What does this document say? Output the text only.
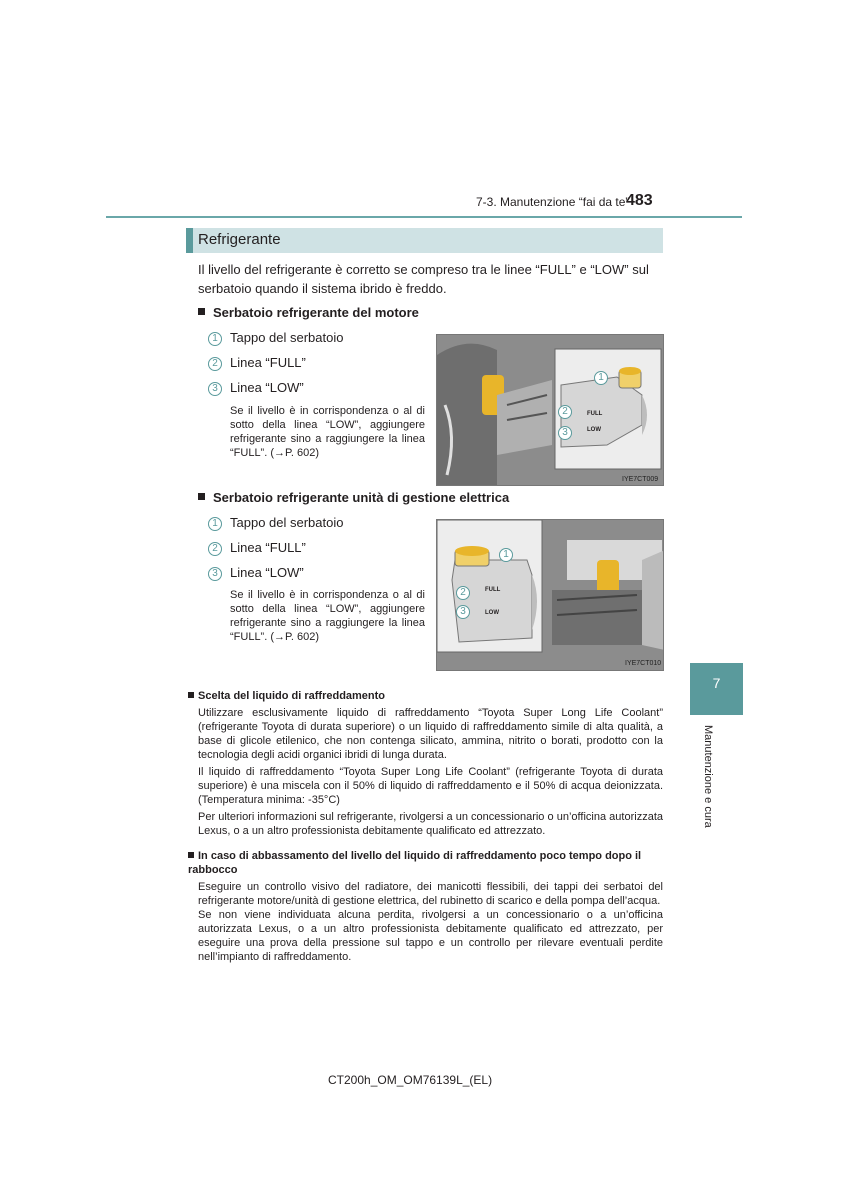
7-3. Manutenzione “fai da te”
483
Refrigerante
Il livello del refrigerante è corretto se compreso tra le linee “FULL” e “LOW” sul serbatoio quando il sistema ibrido è freddo.
Serbatoio refrigerante del motore
1 Tappo del serbatoio
2 Linea “FULL”
3 Linea “LOW”
Se il livello è in corrispondenza o al di sotto della linea “LOW”, aggiungere refrigerante sino a raggiungere la linea “FULL”. (→P. 602)
FULL
LOW
1
2
3
IYE7CT009
Serbatoio refrigerante unità di gestione elettrica
1 Tappo del serbatoio
2 Linea “FULL”
3 Linea “LOW”
Se il livello è in corrispondenza o al di sotto della linea “LOW”, aggiungere refrigerante sino a raggiungere la linea “FULL”. (→P. 602)
FULL
LOW
1
2
3
IYE7CT010
7
Manutenzione e cura
Scelta del liquido di raffreddamento

Utilizzare esclusivamente liquido di raffreddamento “Toyota Super Long Life Coolant” (refrigerante Toyota di durata superiore) o un liquido di raffreddamento simile di alta qualità, a base di glicole etilenico, che non contenga silicato, ammina, nitrito o borati, prodotto con la tecnologia degli acidi organici ibridi di lunga durata.

Il liquido di raffreddamento “Toyota Super Long Life Coolant” (refrigerante Toyota di durata superiore) è una miscela con il 50% di liquido di raffreddamento e il 50% di acqua deionizzata. (Temperatura minima: -35°C)

Per ulteriori informazioni sul refrigerante, rivolgersi a un concessionario o un’officina autorizzata Lexus, o a un altro professionista debitamente qualificato ed attrezzato.

In caso di abbassamento del livello del liquido di raffreddamento poco tempo dopo il rabbocco

Eseguire un controllo visivo del radiatore, dei manicotti flessibili, dei tappi dei serbatoi del refrigerante motore/unità di gestione elettrica, del rubinetto di scarico e della pompa dell’acqua.

Se non viene individuata alcuna perdita, rivolgersi a un concessionario o a un’officina autorizzata Lexus, o a un altro professionista debitamente qualificato ed attrezzato, per eseguire una prova della pressione sul tappo e un controllo per rilevare eventuali perdite nell’impianto di raffreddamento.

CT200h_OM_OM76139L_(EL)
